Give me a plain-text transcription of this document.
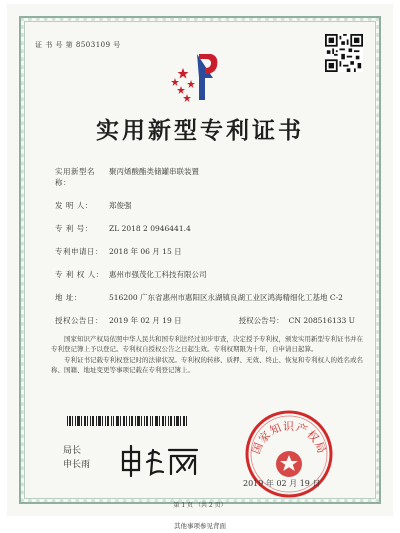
证 书 号 第 8503109 号
实用新型专利证书
实用新型名称：
聚丙烯酸酯类储罐串联装置
发 明 人：	郑俊强
专 利 号：	ZL 2018 2 0946441.4
专利申请日： 2018 年 06 月 15 日
专 利 权 人： 惠州市强茂化工科技有限公司
地 址：	516200 广东省惠州市惠阳区永湖镇良湖工业区鸿海精细化工基地 C-2
授权公告日： 2019 年 02 月 19 日	授权公告号： CN 208516133 U

国家知识产权局依照中华人民共和国专利法经过初步审查，决定授予专利权，颁发实用新型专利证书并在专利登记簿上予以登记。专利权自授权公告之日起生效。专利权期限为十年，自申请日起算。

专利证书记载专利权登记时的法律状况。专利权的转移、质押、无效、终止、恢复和专利权人的姓名或名称、国籍、地址变更等事项记载在专利登记簿上。

局长
申长雨
国家知识产权局
2019 年 02 月 19 日
第 1 页 （共 2 页）
其他事项参见背面
